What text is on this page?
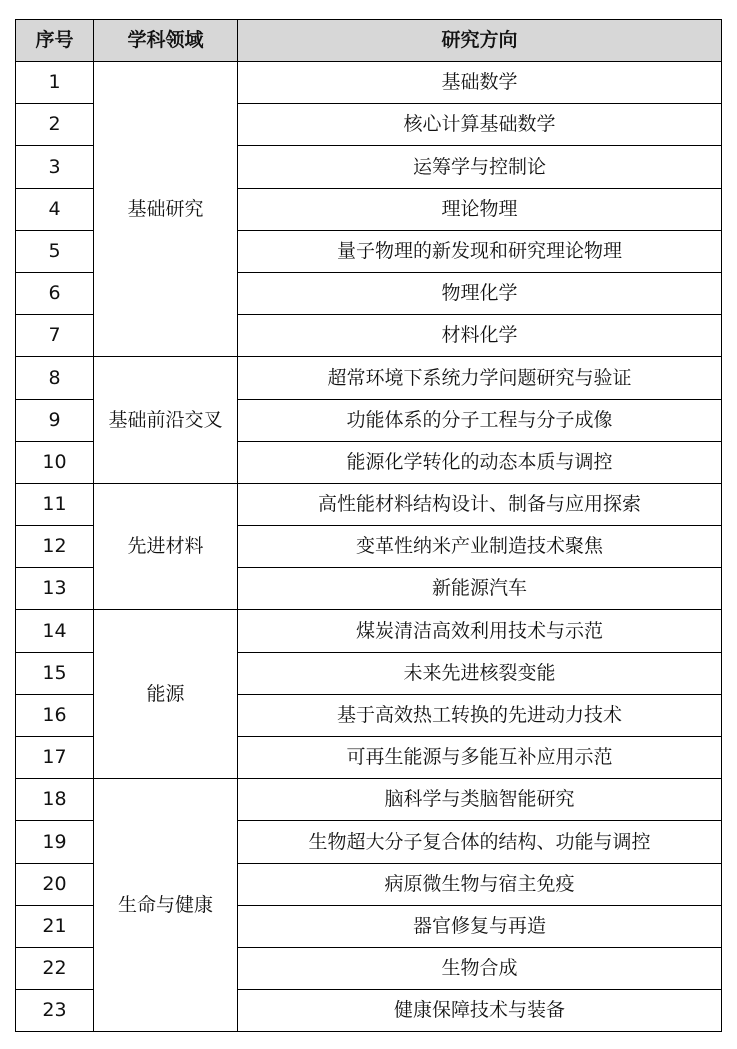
序号	学科领域	研究方向
1	基础研究	基础数学
2		核心计算基础数学
3		运筹学与控制论
4		理论物理
5		量子物理的新发现和研究理论物理
6		物理化学
7		材料化学
8	基础前沿交叉	超常环境下系统力学问题研究与验证
9		功能体系的分子工程与分子成像
10		能源化学转化的动态本质与调控
11	先进材料	高性能材料结构设计、制备与应用探索
12		变革性纳米产业制造技术聚焦
13		新能源汽车
14	能源	煤炭清洁高效利用技术与示范
15		未来先进核裂变能
16		基于高效热工转换的先进动力技术
17		可再生能源与多能互补应用示范
18	生命与健康	脑科学与类脑智能研究
19		生物超大分子复合体的结构、功能与调控
20		病原微生物与宿主免疫
21		器官修复与再造
22		生物合成
23		健康保障技术与装备
